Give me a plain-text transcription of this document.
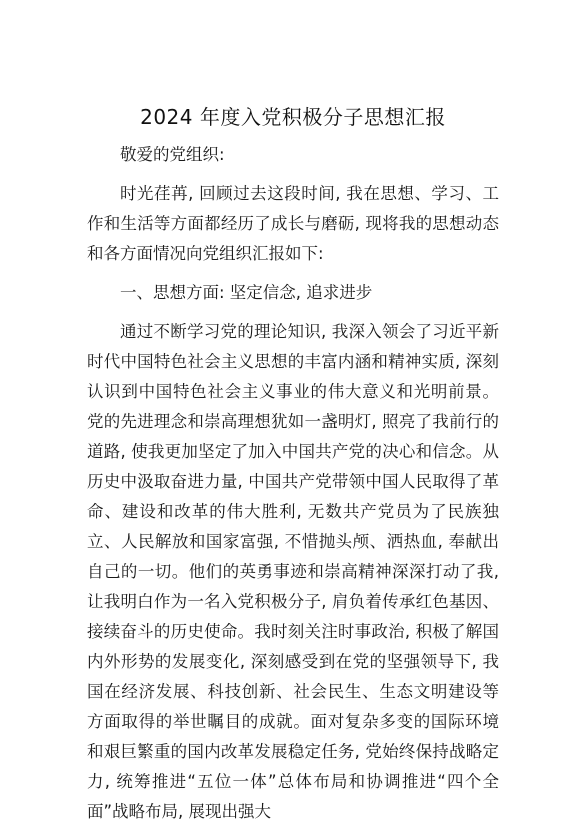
2024 年度入党积极分子思想汇报

敬爱的党组织:

时光荏苒, 回顾过去这段时间, 我在思想、学习、工作和生活等方面都经历了成长与磨砺, 现将我的思想动态和各方面情况向党组织汇报如下:

一、思想方面: 坚定信念, 追求进步

通过不断学习党的理论知识, 我深入领会了习近平新时代中国特色社会主义思想的丰富内涵和精神实质, 深刻认识到中国特色社会主义事业的伟大意义和光明前景。党的先进理念和崇高理想犹如一盏明灯, 照亮了我前行的道路, 使我更加坚定了加入中国共产党的决心和信念。从历史中汲取奋进力量, 中国共产党带领中国人民取得了革命、建设和改革的伟大胜利, 无数共产党员为了民族独立、人民解放和国家富强, 不惜抛头颅、洒热血, 奉献出自己的一切。他们的英勇事迹和崇高精神深深打动了我, 让我明白作为一名入党积极分子, 肩负着传承红色基因、接续奋斗的历史使命。我时刻关注时事政治, 积极了解国内外形势的发展变化, 深刻感受到在党的坚强领导下, 我国在经济发展、科技创新、社会民生、生态文明建设等方面取得的举世瞩目的成就。面对复杂多变的国际环境和艰巨繁重的国内改革发展稳定任务, 党始终保持战略定力, 统筹推进“五位一体”总体布局和协调推进“四个全面”战略布局, 展现出强大
